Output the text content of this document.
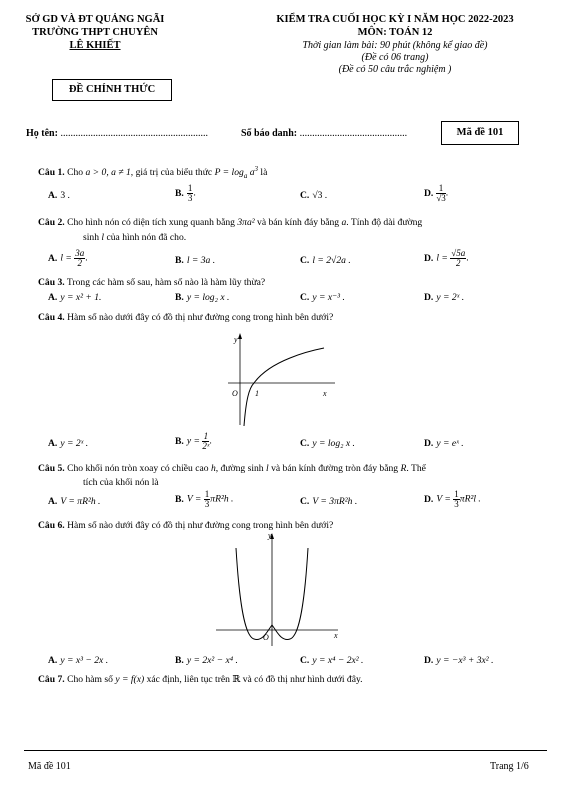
SỞ GD VÀ ĐT QUẢNG NGÃI
TRƯỜNG THPT CHUYÊN
LÊ KHIẾT
ĐỀ CHÍNH THỨC
KIỂM TRA CUỐI HỌC KỲ I NĂM HỌC 2022-2023
MÔN: TOÁN 12
Thời gian làm bài: 90 phút (không kể giao đề)
(Đề có 06 trang)
(Đề có 50 câu trắc nghiệm )
Họ tên: ...........................................................	Số báo danh: ...........................................	Mã đề 101
Câu 1. Cho a > 0, a ≠ 1, giá trị của biểu thức $P = \log_a a^3$ là
A. 3 .	B. $\frac{1}{3}$ .	C. √3 .	D. $\frac{1}{√3}$ .
Câu 2. Cho hình nón có diện tích xung quanh bằng 3πa² và bán kính đáy bằng a. Tính độ dài đường
sinh l của hình nón đã cho.
A. $l = \frac{3a}{2}$ .	B. l = 3a .	C. l = 2√2a .	D. $l = \frac{√5a}{2}$ .
Câu 3. Trong các hàm số sau, hàm số nào là hàm lũy thừa?
A. y = x² + 1.	B. y = log₂ x .	C. y = x⁻³ .	D. y = 2ˣ .
Câu 4. Hàm số nào dưới đây có đồ thị như đường cong trong hình bên dưới?
y
O 1	x
A. y = 2ˣ .	B. $y = \frac{1}{\text{2ˣ}}$ .	C. y = log₂ x .	D. y = eˣ .
Câu 5. Cho khối nón tròn xoay có chiều cao h, đường sinh l và bán kính đường tròn đáy bằng R. Thể
tích của khối nón là
A. V = πR²h .	B. $V = \frac{1}{3} \pi R^2h$ .	C. V = 3πR²h .	D. $V = \frac{1}{3} \pi R^2l$ .
Câu 6. Hàm số nào dưới đây có đồ thị như đường cong trong hình bên dưới?
y
O	x
A. y = x³ − 2x .	B. y = 2x² − x⁴ .	C. y = x⁴ − 2x² .	D. y = −x³ + 3x² .
Câu 7. Cho hàm số y = f(x) xác định, liên tục trên ℝ và có đồ thị như hình dưới đây.
Mã đề 101	Trang 1/6
